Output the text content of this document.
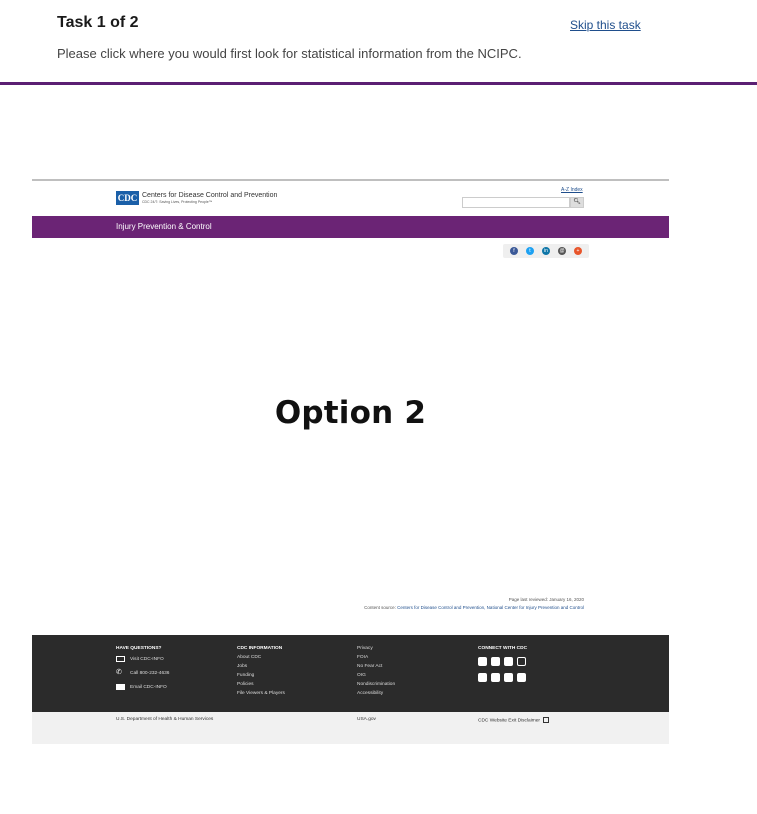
Task 1 of 2	Skip this task
Please click where you would first look for statistical information from the NCIPC.
CDC Centers for Disease Control and Prevention
CDC 24/7: Saving Lives, Protecting People™
A-Z Index
🔍︎
Injury Prevention & Control
f	t	in	@	+
Option 2
Page last reviewed: January 16, 2020
Content source: Centers for Disease Control and Prevention, National Center for Injury Prevention and Control
HAVE QUESTIONS?
Visit CDC-INFO
✆ Call 800-232-4636
Email CDC-INFO
CDC INFORMATION
About CDC
Jobs
Funding
Policies
File Viewers & Players
Privacy
FOIA
No Fear Act
OIG
Nondiscrimination
Accessibility
CONNECT WITH CDC
U.S. Department of Health & Human Services	USA.gov	CDC Website Exit Disclaimer
